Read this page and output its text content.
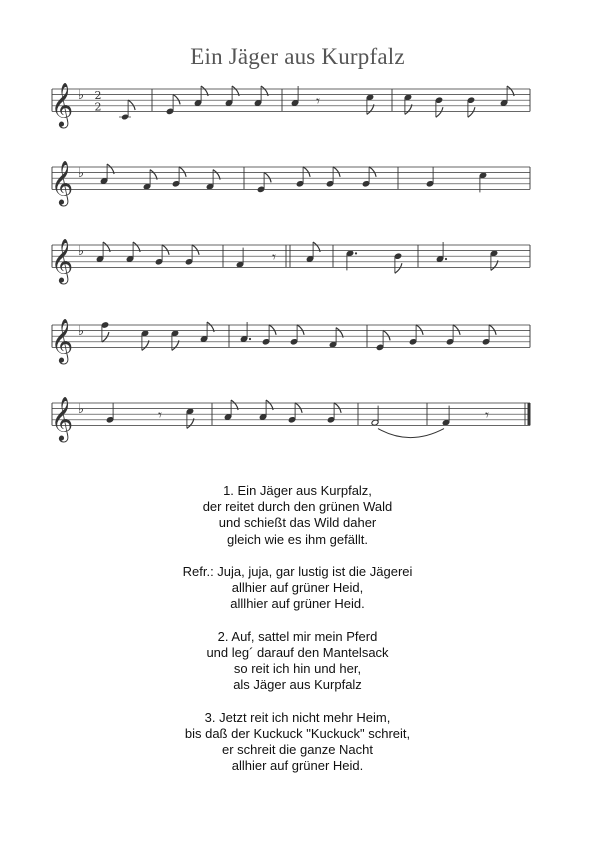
Ein Jäger aus Kurpfalz
𝄞 ♭ 2
2	𝄾
𝄞 ♭
𝄞 ♭	𝄾
𝄞 ♭
𝄞 ♭	𝄾	𝄾
1. Ein Jäger aus Kurpfalz,
der reitet durch den grünen Wald
und schießt das Wild daher
gleich wie es ihm gefällt.
Refr.: Juja, juja, gar lustig ist die Jägerei
allhier auf grüner Heid,
alllhier auf grüner Heid.
2. Auf, sattel mir mein Pferd
und leg´ darauf den Mantelsack
so reit ich hin und her,
als Jäger aus Kurpfalz
3. Jetzt reit ich nicht mehr Heim,
bis daß der Kuckuck "Kuckuck" schreit,
er schreit die ganze Nacht
allhier auf grüner Heid.
